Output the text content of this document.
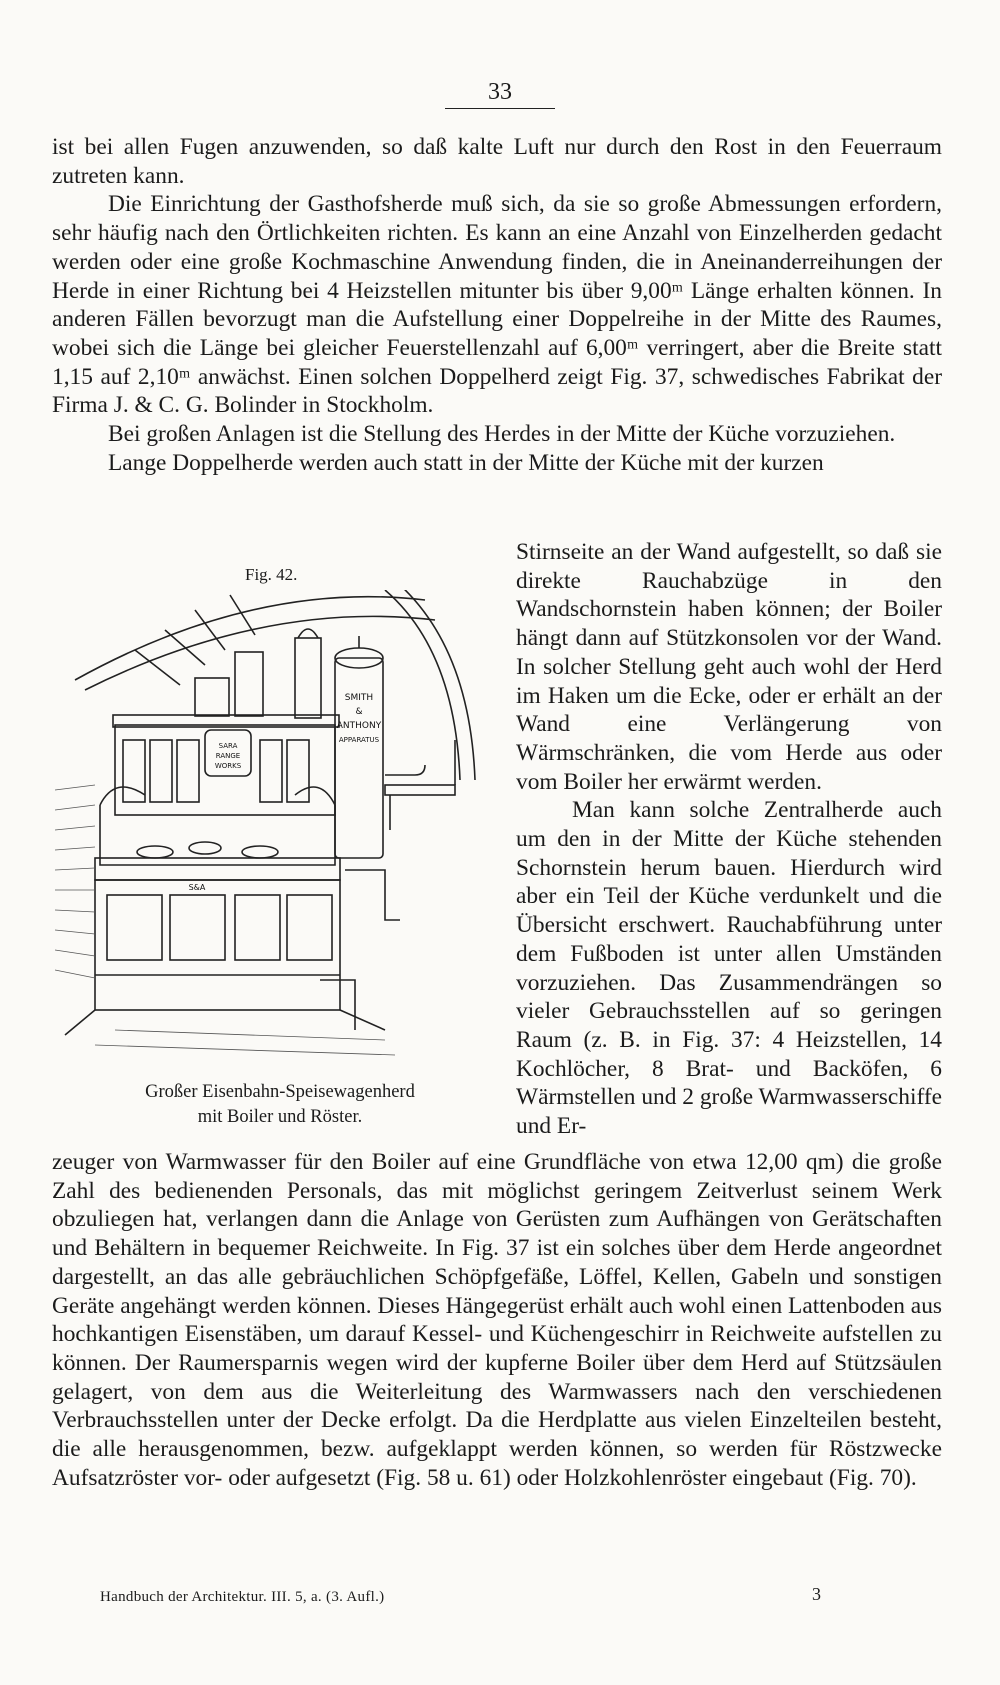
33

ist bei allen Fugen anzuwenden, so daß kalte Luft nur durch den Rost in den Feuerraum zutreten kann.

Die Einrichtung der Gasthofsherde muß sich, da sie so große Abmessungen erfordern, sehr häufig nach den Örtlichkeiten richten. Es kann an eine Anzahl von Einzelherden gedacht werden oder eine große Kochmaschine Anwendung finden, die in Aneinanderreihungen der Herde in einer Richtung bei 4 Heizstellen mitunter bis über 9,00ᵐ Länge erhalten können. In anderen Fällen bevorzugt man die Aufstellung einer Doppelreihe in der Mitte des Raumes, wobei sich die Länge bei gleicher Feuerstellenzahl auf 6,00ᵐ verringert, aber die Breite statt 1,15 auf 2,10ᵐ anwächst. Einen solchen Doppelherd zeigt Fig. 37, schwedisches Fabrikat der Firma J. & C. G. Bolinder in Stockholm.

Bei großen Anlagen ist die Stellung des Herdes in der Mitte der Küche vorzuziehen.

Lange Doppelherde werden auch statt in der Mitte der Küche mit der kurzen

Fig. 42.
SMITH
&
ANTHONY
APPARATUS
SARA
RANGE
WORKS
S&A
Großer Eisenbahn-Speisewagenherd
mit Boiler und Röster.

Stirnseite an der Wand aufgestellt, so daß sie direkte Rauchabzüge in den Wandschornstein haben können; der Boiler hängt dann auf Stützkonsolen vor der Wand. In solcher Stellung geht auch wohl der Herd im Haken um die Ecke, oder er erhält an der Wand eine Verlängerung von Wärmschränken, die vom Herde aus oder vom Boiler her erwärmt werden.

Man kann solche Zentralherde auch um den in der Mitte der Küche stehenden Schornstein herum bauen. Hierdurch wird aber ein Teil der Küche verdunkelt und die Übersicht erschwert. Rauchabführung unter dem Fußboden ist unter allen Umständen vorzuziehen. Das Zusammendrängen so vieler Gebrauchsstellen auf so geringen Raum (z. B. in Fig. 37: 4 Heizstellen, 14 Kochlöcher, 8 Brat- und Backöfen, 6 Wärmstellen und 2 große Warmwasserschiffe und Er-

zeuger von Warmwasser für den Boiler auf eine Grundfläche von etwa 12,00 qm) die große Zahl des bedienenden Personals, das mit möglichst geringem Zeitverlust seinem Werk obzuliegen hat, verlangen dann die Anlage von Gerüsten zum Aufhängen von Gerätschaften und Behältern in bequemer Reichweite. In Fig. 37 ist ein solches über dem Herde angeordnet dargestellt, an das alle gebräuchlichen Schöpfgefäße, Löffel, Kellen, Gabeln und sonstigen Geräte angehängt werden können. Dieses Hängegerüst erhält auch wohl einen Lattenboden aus hochkantigen Eisenstäben, um darauf Kessel- und Küchengeschirr in Reichweite aufstellen zu können. Der Raumersparnis wegen wird der kupferne Boiler über dem Herd auf Stützsäulen gelagert, von dem aus die Weiterleitung des Warmwassers nach den verschiedenen Verbrauchsstellen unter der Decke erfolgt. Da die Herdplatte aus vielen Einzelteilen besteht, die alle herausgenommen, bezw. aufgeklappt werden können, so werden für Röstzwecke Aufsatzröster vor- oder aufgesetzt (Fig. 58 u. 61) oder Holzkohlenröster eingebaut (Fig. 70).

Handbuch der Architektur. III. 5, a. (3. Aufl.)	3
